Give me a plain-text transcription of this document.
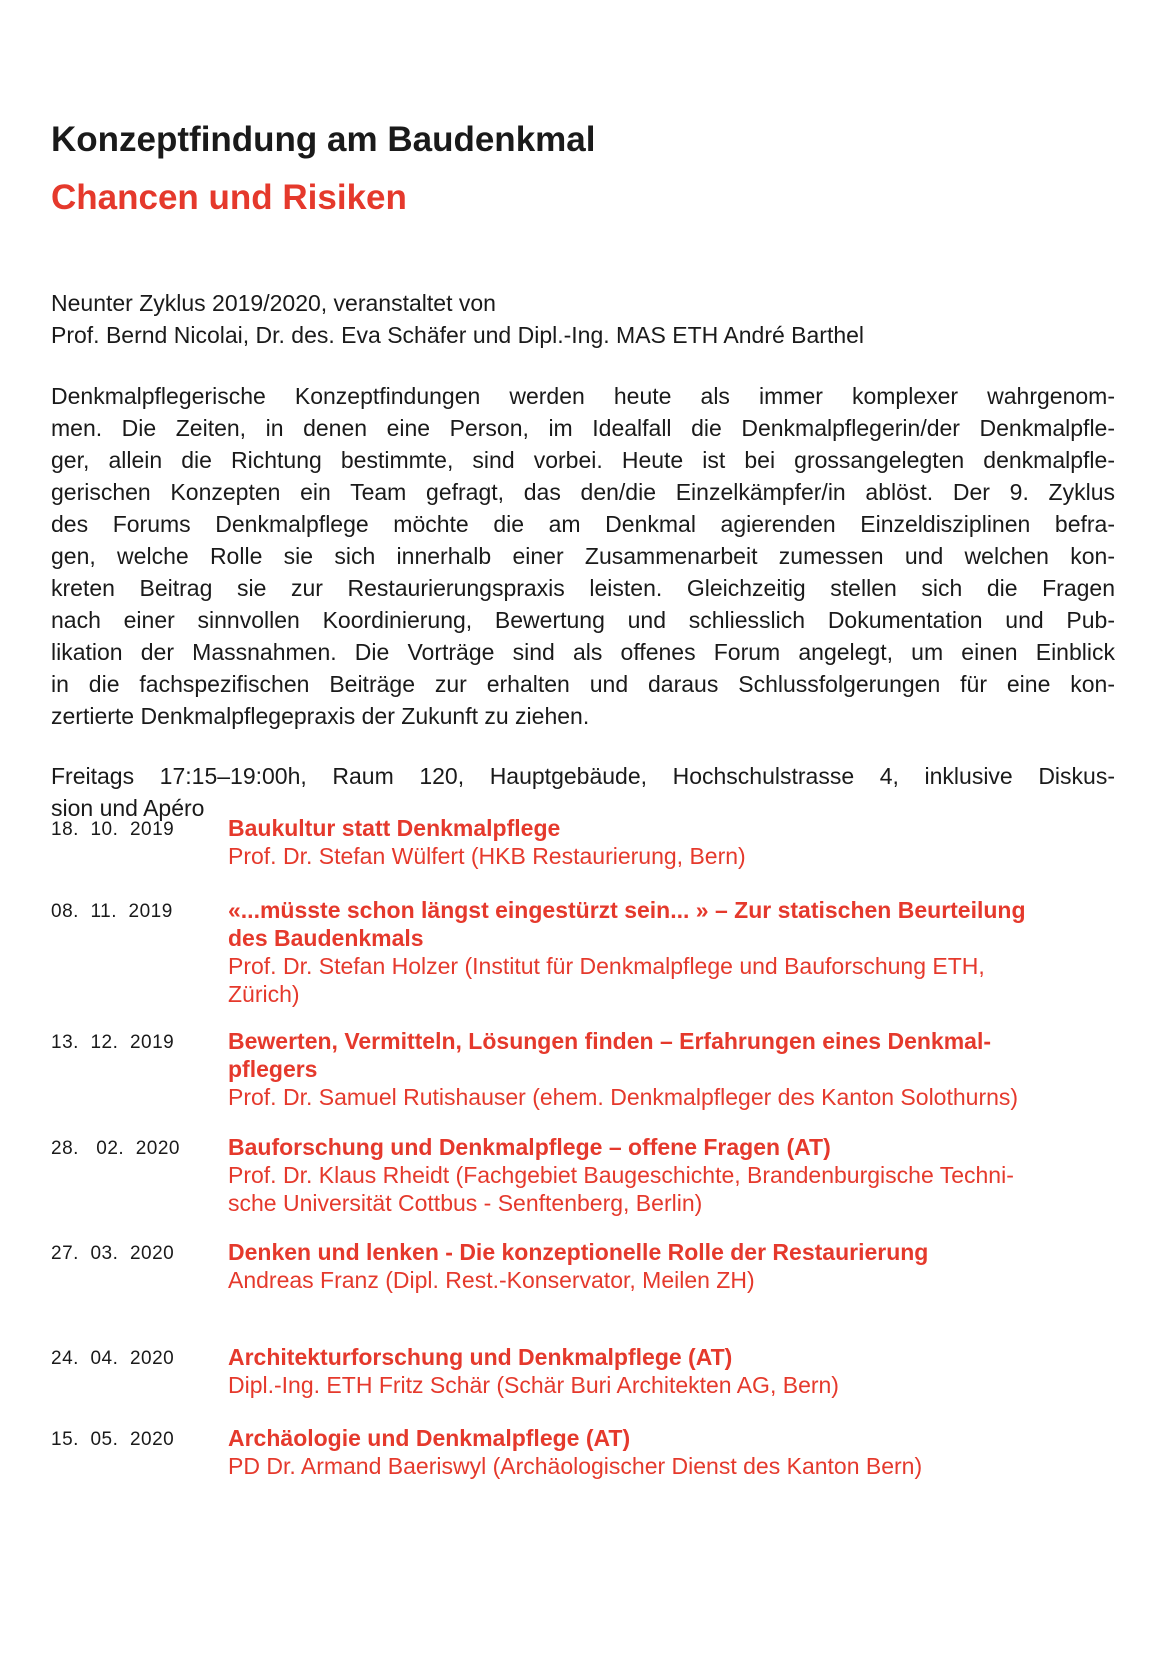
Konzeptfindung am Baudenkmal
Chancen und Risiken

Neunter Zyklus 2019/2020, veranstaltet von

Prof. Bernd Nicolai, Dr. des. Eva Schäfer und Dipl.-Ing. MAS ETH André Barthel

Denkmalpflegerische Konzeptfindungen werden heute als immer komplexer wahrgenom-
men. Die Zeiten, in denen eine Person, im Idealfall die Denkmalpflegerin/der Denkmalpfle-
ger, allein die Richtung bestimmte, sind vorbei. Heute ist bei grossangelegten denkmalpfle-
gerischen Konzepten ein Team gefragt, das den/die Einzelkämpfer/in ablöst. Der 9. Zyklus
des Forums Denkmalpflege möchte die am Denkmal agierenden Einzeldisziplinen befra-
gen, welche Rolle sie sich innerhalb einer Zusammenarbeit zumessen und welchen kon-
kreten Beitrag sie zur Restaurierungspraxis leisten. Gleichzeitig stellen sich die Fragen
nach einer sinnvollen Koordinierung, Bewertung und schliesslich Dokumentation und Pub-
likation der Massnahmen. Die Vorträge sind als offenes Forum angelegt, um einen Einblick
in die fachspezifischen Beiträge zur erhalten und daraus Schlussfolgerungen für eine kon-
zertierte Denkmalpflegepraxis der Zukunft zu ziehen.
Freitags 17:15–19:00h, Raum 120, Hauptgebäude, Hochschulstrasse 4, inklusive Diskus-
sion und Apéro
18.  10.  2019 Baukultur statt Denkmalpflege
Prof. Dr. Stefan Wülfert (HKB Restaurierung, Bern)
08.  11.  2019 «...müsste schon längst eingestürzt sein... » – Zur statischen Beurteilung
des Baudenkmals
Prof. Dr. Stefan Holzer (Institut für Denkmalpflege und Bauforschung ETH,
Zürich)
13.  12.  2019 Bewerten, Vermitteln, Lösungen finden – Erfahrungen eines Denkmal-
pflegers
Prof. Dr. Samuel Rutishauser (ehem. Denkmalpfleger des Kanton Solothurns)
28.   02.  2020 Bauforschung und Denkmalpflege – offene Fragen (AT)
Prof. Dr. Klaus Rheidt (Fachgebiet Baugeschichte, Brandenburgische Techni-
sche Universität Cottbus - Senftenberg, Berlin)
27.  03.  2020 Denken und lenken - Die konzeptionelle Rolle der Restaurierung
Andreas Franz (Dipl. Rest.-Konservator, Meilen ZH)
24.  04.  2020 Architekturforschung und Denkmalpflege (AT)
Dipl.-Ing. ETH Fritz Schär (Schär Buri Architekten AG, Bern)
15.  05.  2020 Archäologie und Denkmalpflege (AT)
PD Dr. Armand Baeriswyl (Archäologischer Dienst des Kanton Bern)
